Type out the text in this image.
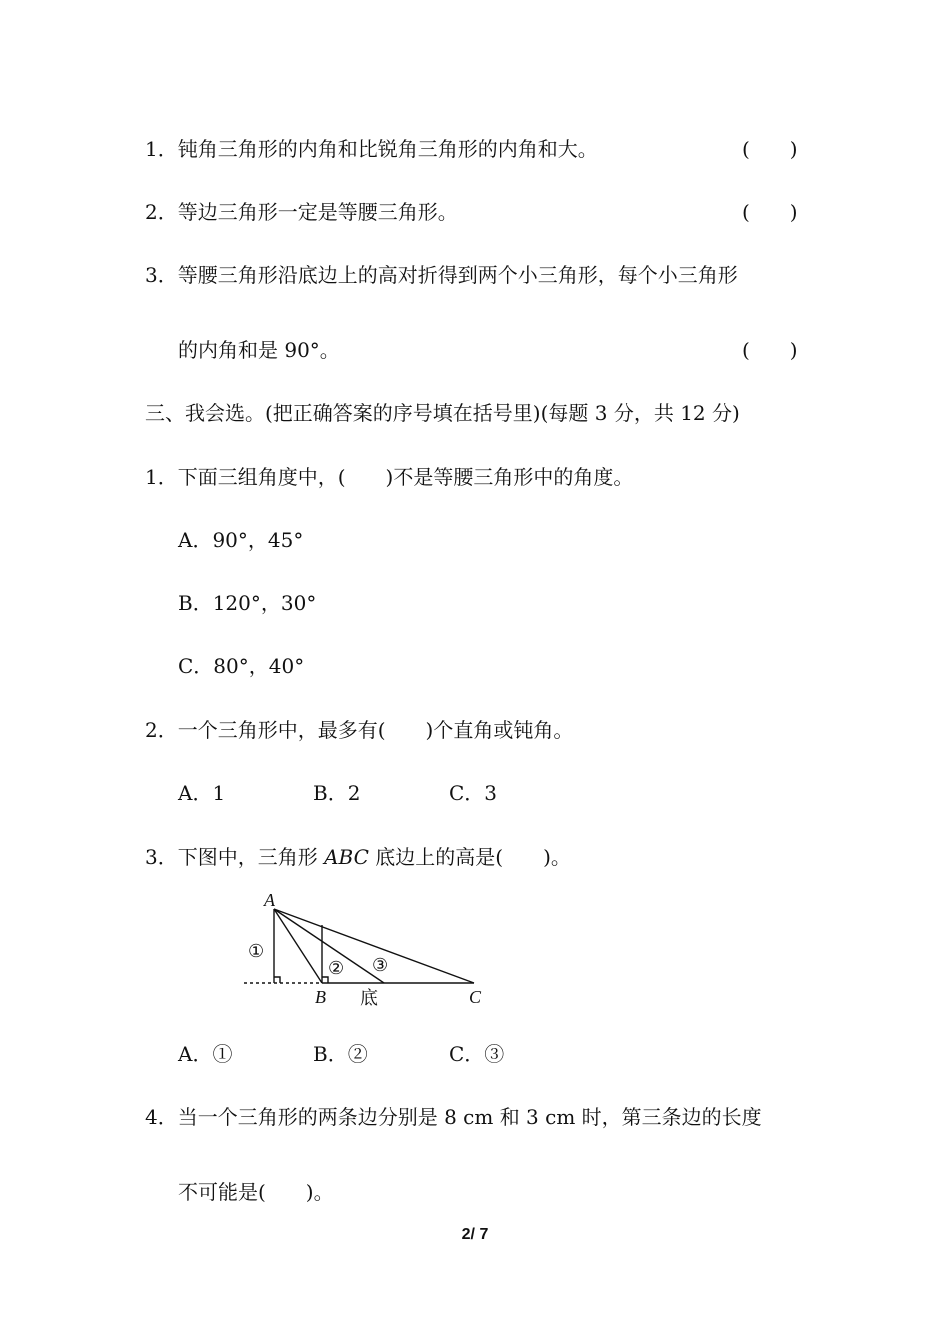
1．钝角三角形的内角和比锐角三角形的内角和大。	(　　)
2．等边三角形一定是等腰三角形。	(　　)
3．等腰三角形沿底边上的高对折得到两个小三角形，每个小三角形
的内角和是 90°。	(　　)
三、我会选。(把正确答案的序号填在括号里)(每题 3 分，共 12 分)
1．下面三组角度中，(　　)不是等腰三角形中的角度。
A．90°，45°
B．120°，30°
C．80°，40°
2．一个三角形中，最多有(　　)个直角或钝角。
A．1	B．2	C．3
3．下图中，三角形 ABC 底边上的高是(　　)。
A
B	C
底
①
② ③
A．①	B．②	C．③
4．当一个三角形的两条边分别是 8 cm 和 3 cm 时，第三条边的长度
不可能是(　　)。
2/ 7
